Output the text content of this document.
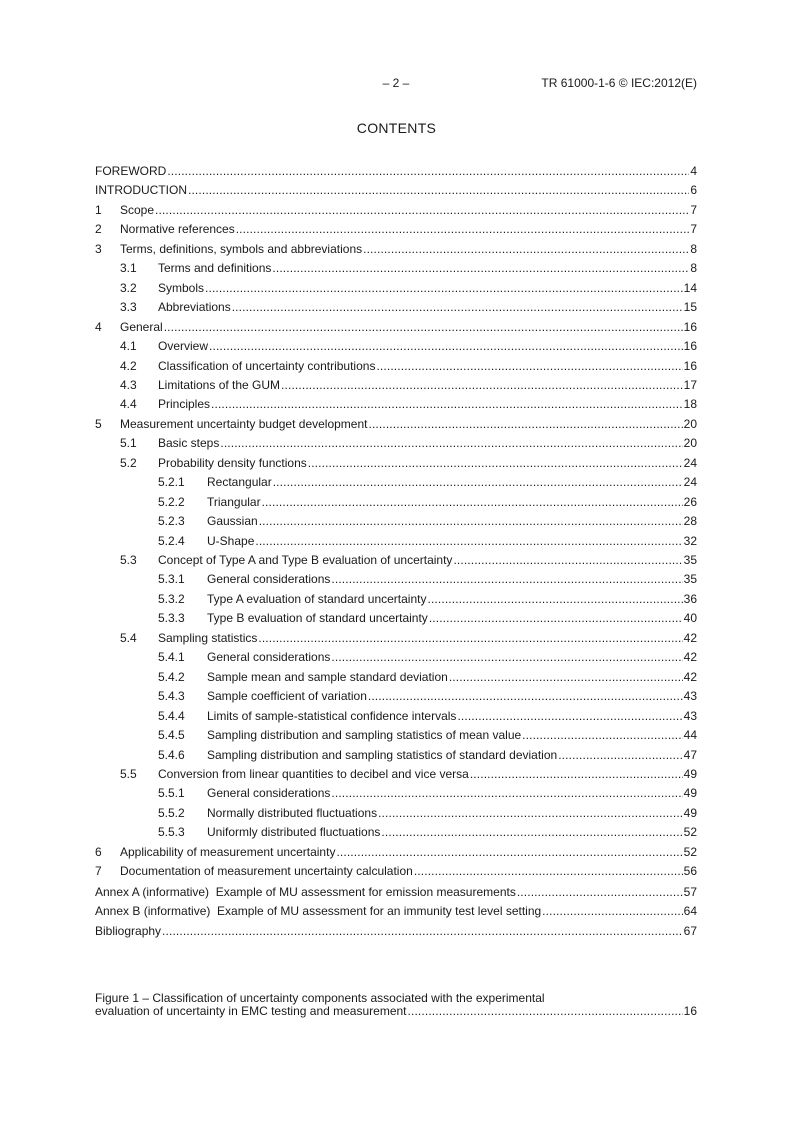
– 2 –	TR 61000-1-6 © IEC:2012(E)
CONTENTS
FOREWORD . . .	4
INTRODUCTION . . .	6
1	Scope . . .	7
2	Normative references . . .	7
3	Terms, definitions, symbols and abbreviations . . .	8
3.1	Terms and definitions . . .	8
3.2	Symbols . . .	14
3.3	Abbreviations . . .	15
4	General . . .	16
4.1	Overview . . .	16
4.2	Classification of uncertainty contributions . . .	16
4.3	Limitations of the GUM . . .	17
4.4	Principles . . .	18
5	Measurement uncertainty budget development . . .	20
5.1	Basic steps . . .	20
5.2	Probability density functions . . .	24
5.2.1	Rectangular . . .	24
5.2.2	Triangular . . .	26
5.2.3	Gaussian . . .	28
5.2.4	U-Shape . . .	32
5.3	Concept of Type A and Type B evaluation of uncertainty . . .	35
5.3.1	General considerations . . .	35
5.3.2	Type A evaluation of standard uncertainty . . .	36
5.3.3	Type B evaluation of standard uncertainty . . .	40
5.4	Sampling statistics . . .	42
5.4.1	General considerations . . .	42
5.4.2	Sample mean and sample standard deviation . . .	42
5.4.3	Sample coefficient of variation . . .	43
5.4.4	Limits of sample-statistical confidence intervals . . .	43
5.4.5	Sampling distribution and sampling statistics of mean value . . .	44
5.4.6	Sampling distribution and sampling statistics of standard deviation . . .	47
5.5	Conversion from linear quantities to decibel and vice versa . . .	49
5.5.1	General considerations . . .	49
5.5.2	Normally distributed fluctuations . . .	49
5.5.3	Uniformly distributed fluctuations . . .	52
6	Applicability of measurement uncertainty . . .	52
7	Documentation of measurement uncertainty calculation . . .	56
Annex A (informative)  Example of MU assessment for emission measurements . . .	57
Annex B (informative)  Example of MU assessment for an immunity test level setting . . .	64
Bibliography . . .	67
Figure 1 – Classification of uncertainty components associated with the experimental
evaluation of uncertainty in EMC testing and measurement . . .	16
